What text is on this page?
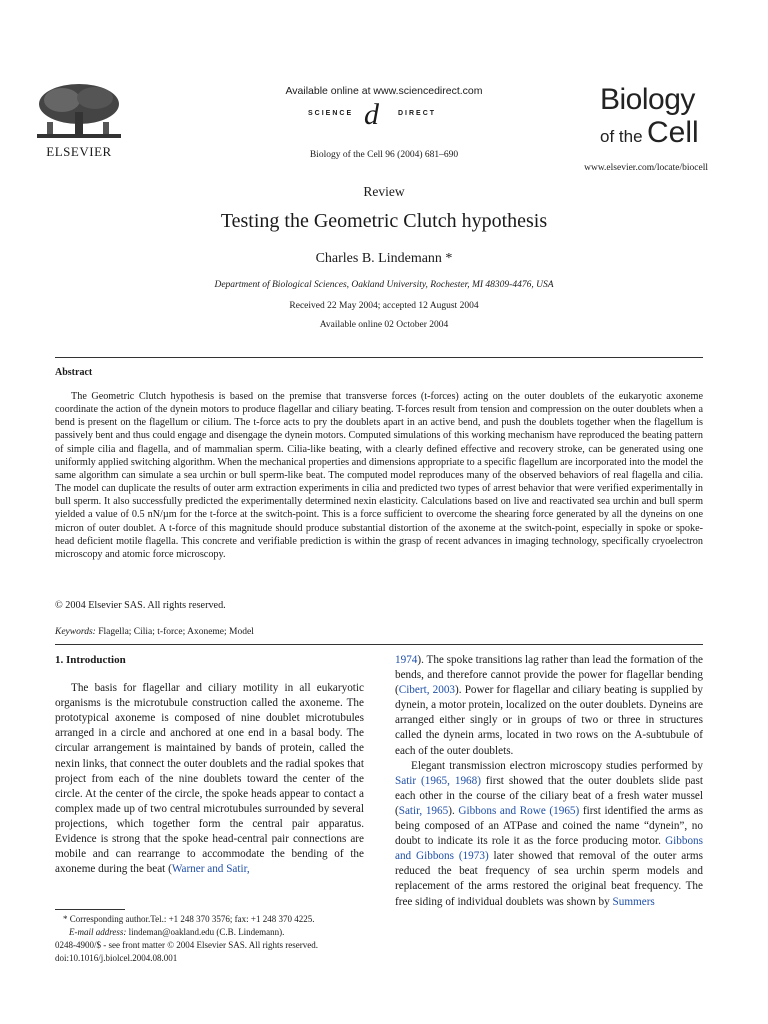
ELSEVIER
Available online at www.sciencedirect.com
SCIENCE d	DIRECT
Biology of the Cell 96 (2004) 681–690
Biology
of the Cell
www.elsevier.com/locate/biocell
Review
Testing the Geometric Clutch hypothesis
Charles B. Lindemann *
Department of Biological Sciences, Oakland University, Rochester, MI 48309-4476, USA
Received 22 May 2004; accepted 12 August 2004
Available online 02 October 2004
Abstract

The Geometric Clutch hypothesis is based on the premise that transverse forces (t-forces) acting on the outer doublets of the eukaryotic axoneme coordinate the action of the dynein motors to produce flagellar and ciliary beating. T-forces result from tension and compression on the outer doublets when a bend is present on the flagellum or cilium. The t-force acts to pry the doublets apart in an active bend, and push the doublets together when the flagellum is passively bent and thus could engage and disengage the dynein motors. Computed simulations of this working mechanism have reproduced the beating pattern of simple cilia and flagella, and of mammalian sperm. Cilia-like beating, with a clearly defined effective and recovery stroke, can be generated using one uniformly applied switching algorithm. When the mechanical properties and dimensions appropriate to a specific flagellum are incorporated into the model the same algorithm can simulate a sea urchin or bull sperm-like beat. The computed model reproduces many of the observed behaviors of real flagella and cilia. The model can duplicate the results of outer arm extraction experiments in cilia and predicted two types of arrest behavior that were verified experimentally in bull sperm. It also successfully predicted the experimentally determined nexin elasticity. Calculations based on live and reactivated sea urchin and bull sperm yielded a value of 0.5 nN/µm for the t-force at the switch-point. This is a force sufficient to overcome the shearing force generated by all the dyneins on one micron of outer doublet. A t-force of this magnitude should produce substantial distortion of the axoneme at the switch-point, especially in spoke or spoke-head deficient motile flagella. This concrete and verifiable prediction is within the grasp of recent advances in imaging technology, specifically cryoelectron microscopy and atomic force microscopy.

© 2004 Elsevier SAS. All rights reserved.
Keywords: Flagella; Cilia; t-force; Axoneme; Model
1. Introduction

The basis for flagellar and ciliary motility in all eukaryotic organisms is the microtubule construction called the axoneme. The prototypical axoneme is composed of nine doublet microtubules arranged in a circle and anchored at one end in a basal body. The circular arrangement is maintained by bands of protein, called the nexin links, that connect the outer doublets and the radial spokes that project from each of the nine doublets toward the center of the circle. At the center of the circle, the spoke heads appear to contact a complex made up of two central microtubules surrounded by several projections, which together form the central pair apparatus. Evidence is strong that the spoke head-central pair connections are mobile and can rearrange to accommodate the bending of the axoneme during the beat (Warner and Satir,

1974). The spoke transitions lag rather than lead the formation of the bends, and therefore cannot provide the power for flagellar bending (Cibert, 2003). Power for flagellar and ciliary beating is supplied by dynein, a motor protein, localized on the outer doublets. Dyneins are arranged either singly or in groups of two or three in structures called the dynein arms, located in two rows on the A-subtubule of each of the outer doublets.

Elegant transmission electron microscopy studies performed by Satir (1965, 1968) first showed that the outer doublets slide past each other in the course of the ciliary beat of a fresh water mussel (Satir, 1965). Gibbons and Rowe (1965) first identified the arms as being composed of an ATPase and coined the name “dynein”, no doubt to indicate its role it as the force producing motor. Gibbons and Gibbons (1973) later showed that removal of the outer arms reduced the beat frequency of sea urchin sperm models and replacement of the arms restored the original beat frequency. The free siding of individual doublets was shown by Summers

* Corresponding author.Tel.: +1 248 370 3576; fax: +1 248 370 4225.
E-mail address: lindeman@oakland.edu (C.B. Lindemann).
0248-4900/$ - see front matter © 2004 Elsevier SAS. All rights reserved.
doi:10.1016/j.biolcel.2004.08.001
